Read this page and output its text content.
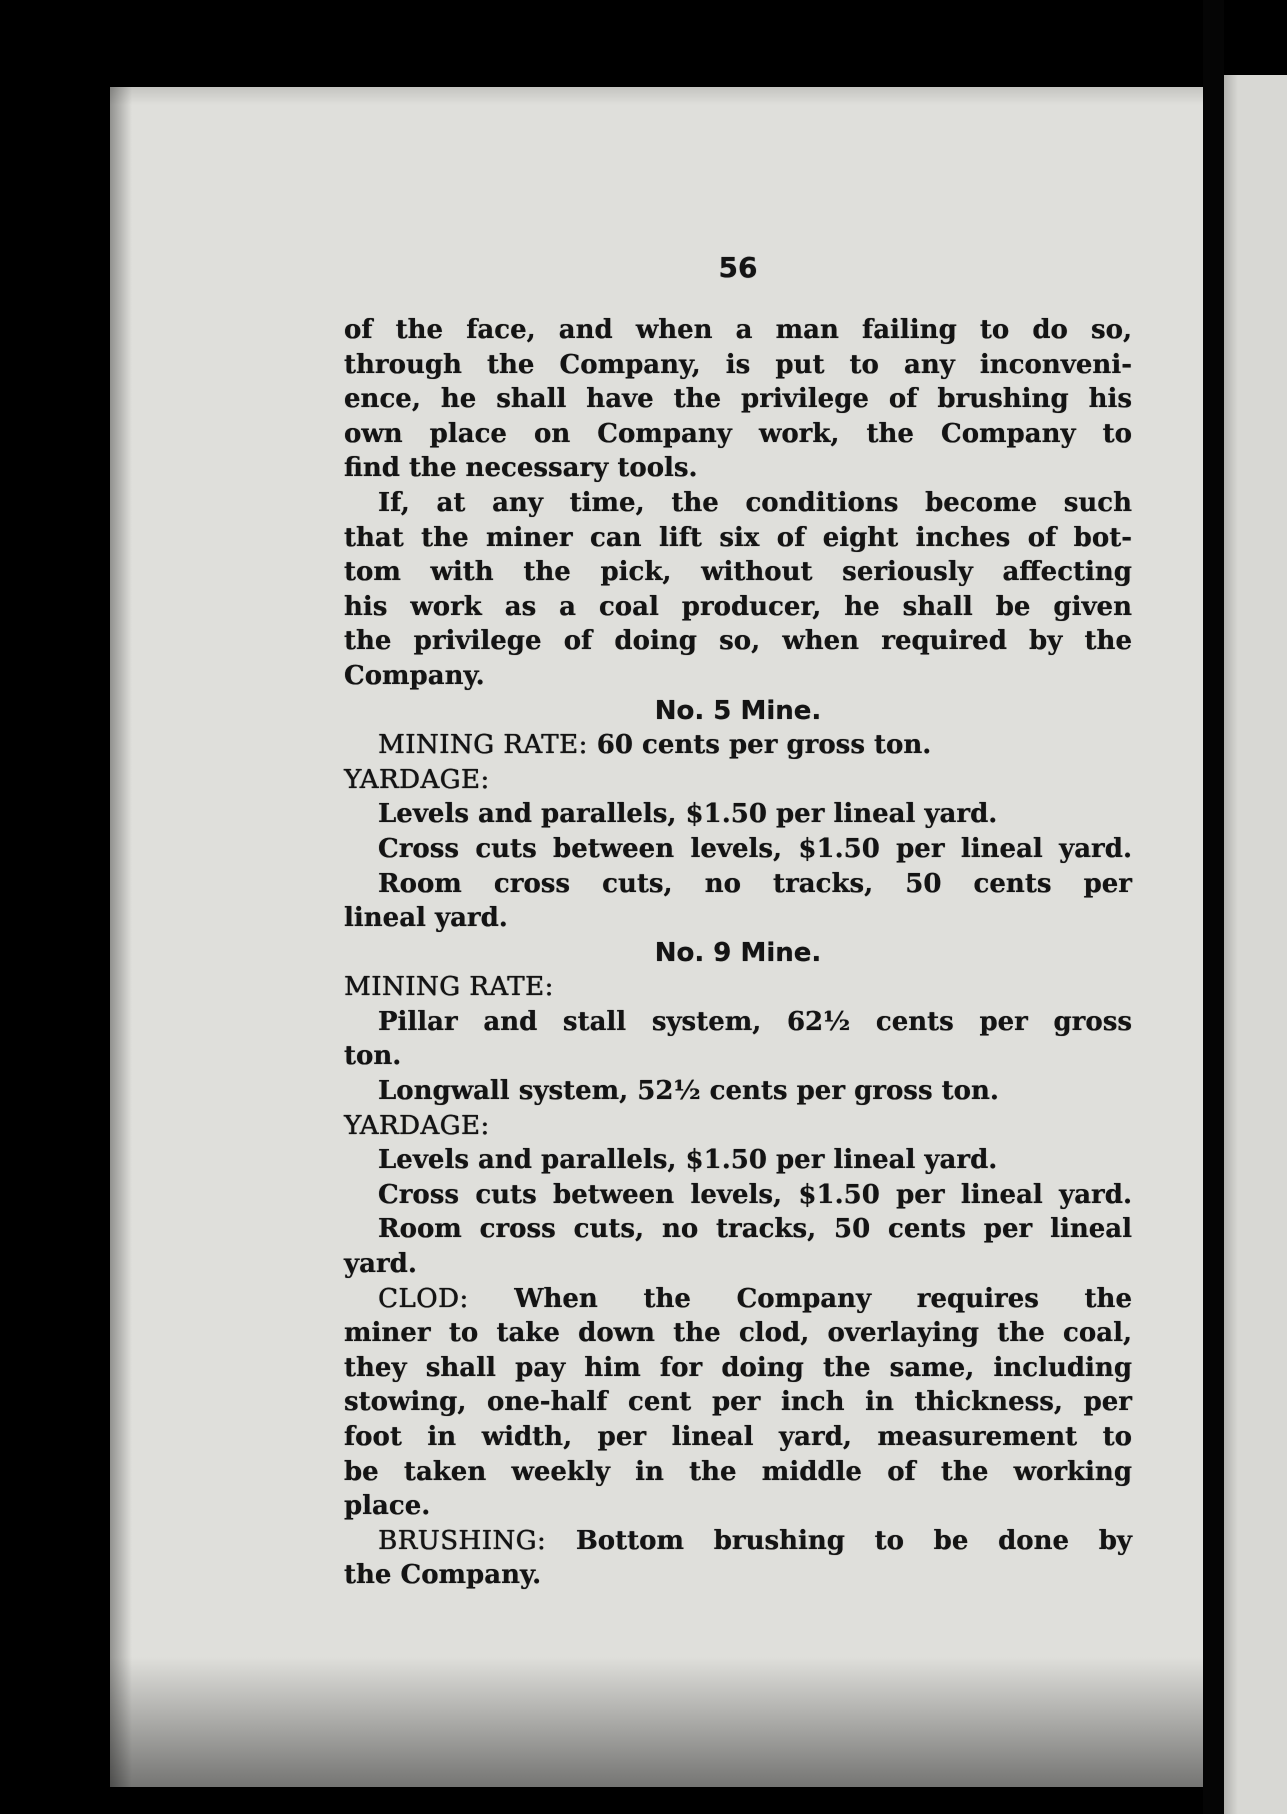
56
of the face, and when a man failing to do so,
through the Company, is put to any inconveni-
ence, he shall have the privilege of brushing his
own place on Company work, the Company to
find the necessary tools.
If, at any time, the conditions become such
that the miner can lift six of eight inches of bot-
tom with the pick, without seriously affecting
his work as a coal producer, he shall be given
the privilege of doing so, when required by the
Company.
No. 5 Mine.
MINING RATE: 60 cents per gross ton.
YARDAGE:
Levels and parallels, $1.50 per lineal yard.
Cross cuts between levels, $1.50 per lineal yard.
Room cross cuts, no tracks, 50 cents per
lineal yard.
No. 9 Mine.
MINING RATE:
Pillar and stall system, 62½ cents per gross
ton.
Longwall system, 52½ cents per gross ton.
YARDAGE:
Levels and parallels, $1.50 per lineal yard.
Cross cuts between levels, $1.50 per lineal yard.
Room cross cuts, no tracks, 50 cents per lineal
yard.
CLOD: When the Company requires the
miner to take down the clod, overlaying the coal,
they shall pay him for doing the same, including
stowing, one-half cent per inch in thickness, per
foot in width, per lineal yard, measurement to
be taken weekly in the middle of the working
place.
BRUSHING: Bottom brushing to be done by
the Company.
